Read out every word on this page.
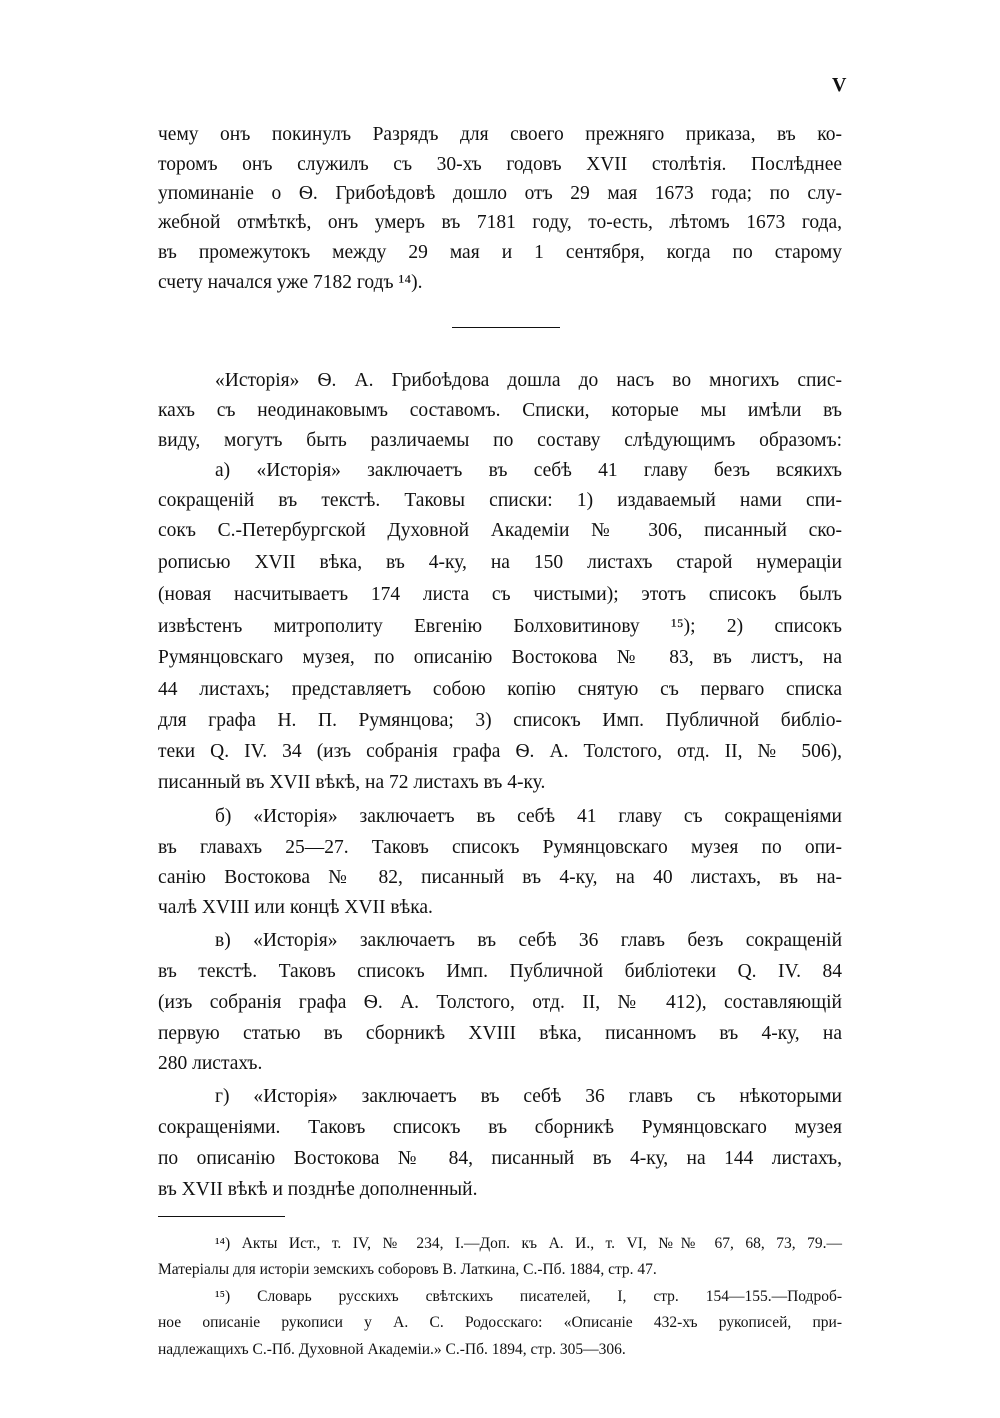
V
чему онъ покинулъ Разрядъ для своего прежняго приказа, въ ко-
торомъ онъ служилъ съ 30-хъ годовъ XVII столѣтія. Послѣднее
упоминаніе о Ѳ. Грибоѣдовѣ дошло отъ 29 мая 1673 года; по слу-
жебной отмѣткѣ, онъ умеръ въ 7181 году, то-есть, лѣтомъ 1673 года,
въ промежутокъ между 29 мая и 1 сентября, когда по старому
счету начался уже 7182 годъ ¹⁴).
«Исторія» Ѳ. А. Грибоѣдова дошла до насъ во многихъ спис-
кахъ съ неодинаковымъ составомъ. Списки, которые мы имѣли въ
виду, могутъ быть различаемы по составу слѣдующимъ образомъ:
а) «Исторія» заключаетъ въ себѣ 41 главу безъ всякихъ
сокращеній въ текстѣ. Таковы списки: 1) издаваемый нами спи-
сокъ С.-Петербургской Духовной Академіи № 306, писанный ско-
рописью XVII вѣка, въ 4-ку, на 150 листахъ старой нумераціи
(новая насчитываетъ 174 листа съ чистыми); этотъ списокъ былъ
извѣстенъ митрополиту Евгенію Болховитинову ¹⁵); 2) списокъ
Румянцовскаго музея, по описанію Востокова № 83, въ листъ, на
44 листахъ; представляетъ собою копію снятую съ перваго списка
для графа Н. П. Румянцова; 3) списокъ Имп. Публичной библіо-
теки Q. IV. 34 (изъ собранія графа Ѳ. А. Толстого, отд. II, № 506),
писанный въ XVII вѣкѣ, на 72 листахъ въ 4-ку.
б) «Исторія» заключаетъ въ себѣ 41 главу съ сокращеніями
въ главахъ 25—27. Таковъ списокъ Румянцовскаго музея по опи-
санію Востокова № 82, писанный въ 4-ку, на 40 листахъ, въ на-
чалѣ XVIII или концѣ XVII вѣка.
в) «Исторія» заключаетъ въ себѣ 36 главъ безъ сокращеній
въ текстѣ. Таковъ списокъ Имп. Публичной библіотеки Q. IV. 84
(изъ собранія графа Ѳ. А. Толстого, отд. II, № 412), составляющій
первую статью въ сборникѣ XVIII вѣка, писанномъ въ 4-ку, на
280 листахъ.
г) «Исторія» заключаетъ въ себѣ 36 главъ съ нѣкоторыми
сокращеніями. Таковъ списокъ въ сборникѣ Румянцовскаго музея
по описанію Востокова № 84, писанный въ 4-ку, на 144 листахъ,
въ XVII вѣкѣ и позднѣе дополненный.
¹⁴) Акты Ист., т. IV, № 234, I.—Доп. къ А. И., т. VI, №№ 67, 68, 73, 79.—
Матеріалы для исторіи земскихъ соборовъ В. Латкина, С.-Пб. 1884, стр. 47.
¹⁵) Словарь русскихъ свѣтскихъ писателей, I, стр. 154—155.—Подроб-
ное описаніе рукописи у А. С. Родосскаго: «Описаніе 432-хъ рукописей, при-
надлежащихъ С.-Пб. Духовной Академіи.» С.-Пб. 1894, стр. 305—306.
